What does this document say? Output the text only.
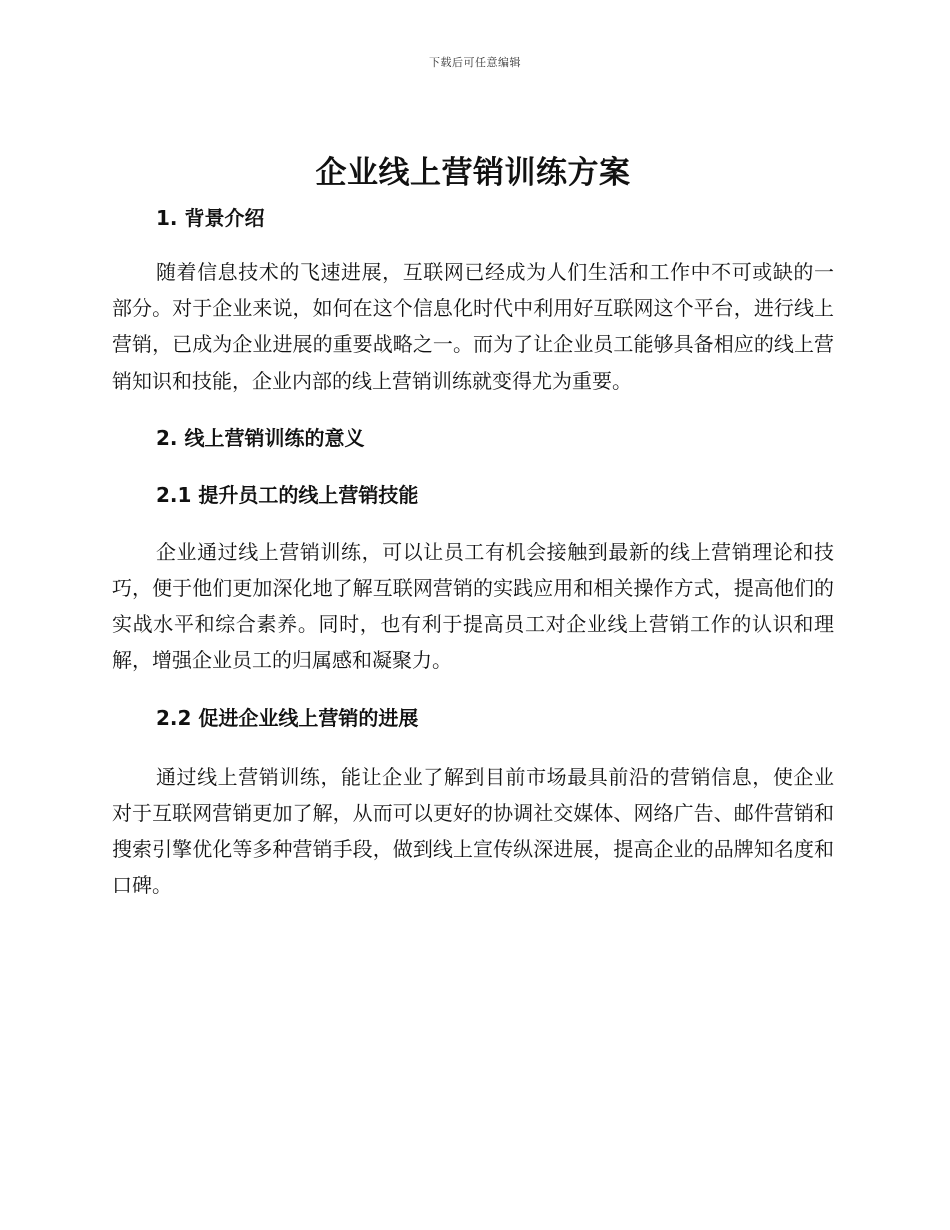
下载后可任意编辑
企业线上营销训练方案
1. 背景介绍

随着信息技术的飞速进展，互联网已经成为人们生活和工作中不可或缺的一部分。对于企业来说，如何在这个信息化时代中利用好互联网这个平台，进行线上营销，已成为企业进展的重要战略之一。而为了让企业员工能够具备相应的线上营销知识和技能，企业内部的线上营销训练就变得尤为重要。

2. 线上营销训练的意义
2.1 提升员工的线上营销技能

企业通过线上营销训练，可以让员工有机会接触到最新的线上营销理论和技巧，便于他们更加深化地了解互联网营销的实践应用和相关操作方式，提高他们的实战水平和综合素养。同时，也有利于提高员工对企业线上营销工作的认识和理解，增强企业员工的归属感和凝聚力。

2.2 促进企业线上营销的进展

通过线上营销训练，能让企业了解到目前市场最具前沿的营销信息，使企业对于互联网营销更加了解，从而可以更好的协调社交媒体、网络广告、邮件营销和搜索引擎优化等多种营销手段，做到线上宣传纵深进展，提高企业的品牌知名度和口碑。
